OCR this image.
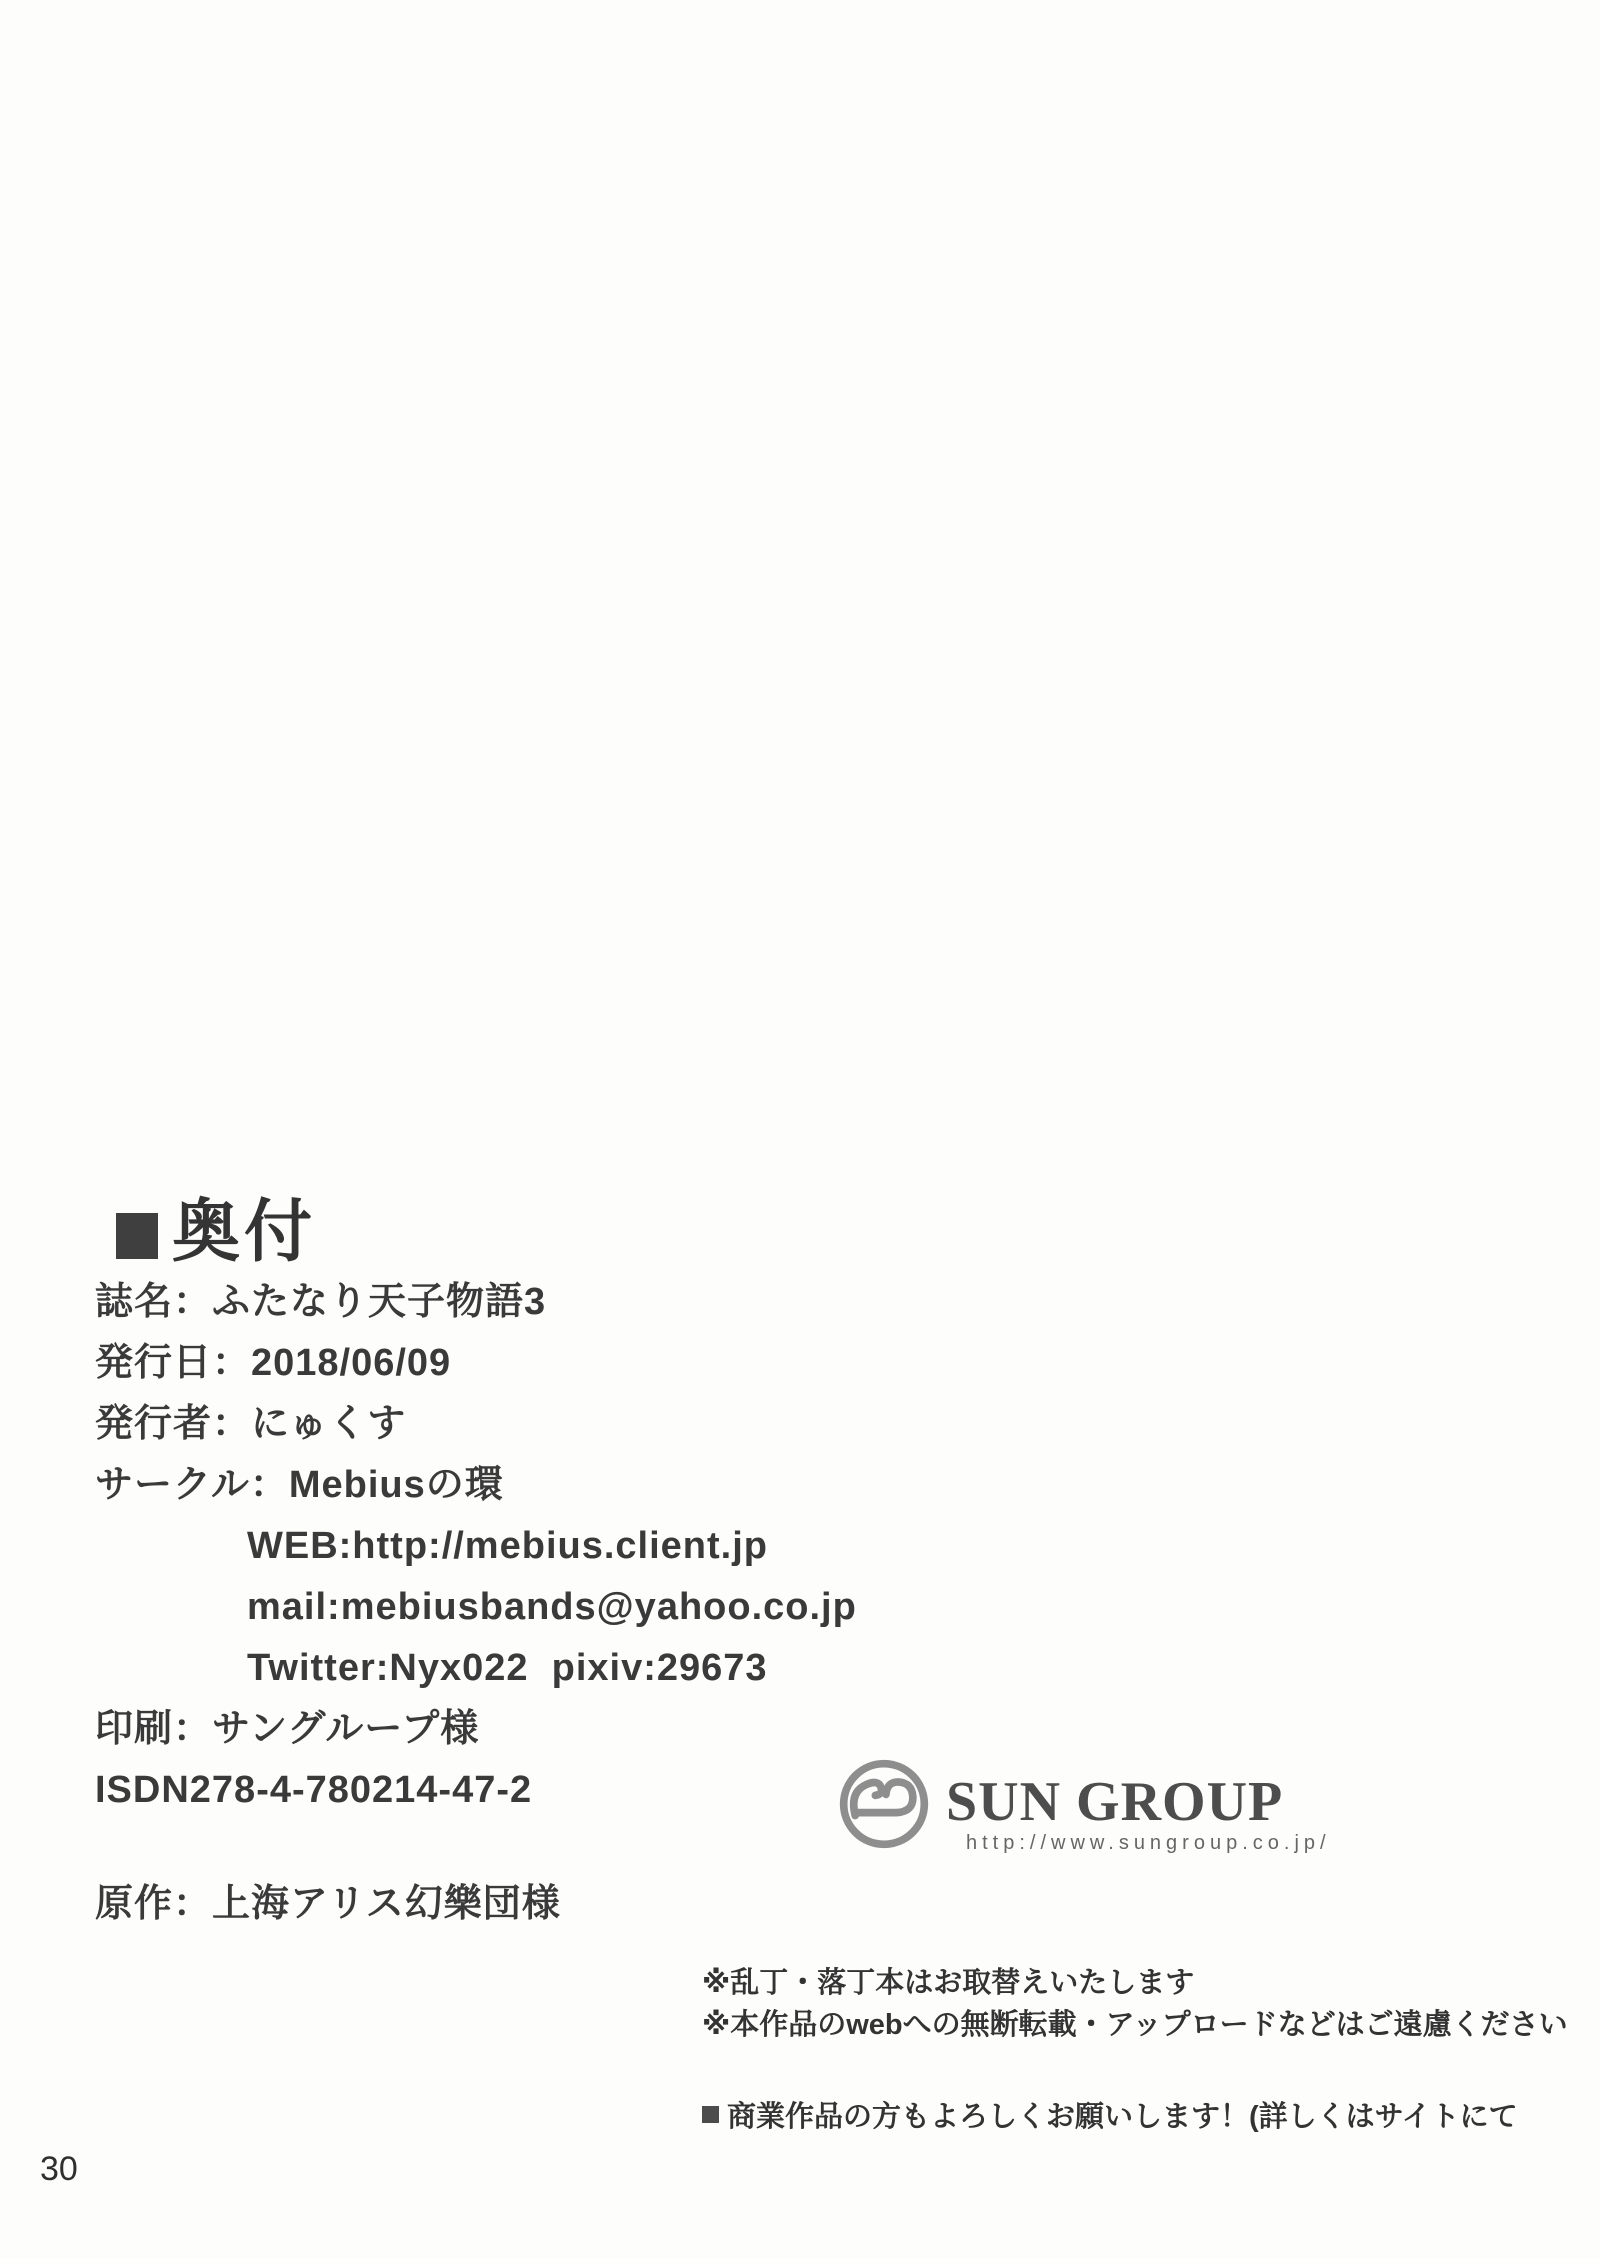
奥付
誌名：ふたなり天子物語3
発行日：2018/06/09
発行者：にゅくす
サークル：Mebiusの環
WEB:http://mebius.client.jp
mail:mebiusbands@yahoo.co.jp
Twitter:Nyx022  pixiv:29673
印刷：サングループ様
ISDN278-4-780214-47-2
原作：上海アリス幻樂団様
SUN GROUP
http://www.sungroup.co.jp/
※乱丁・落丁本はお取替えいたします
※本作品のwebへの無断転載・アップロードなどはご遠慮ください
商業作品の方もよろしくお願いします！(詳しくはサイトにて
30
